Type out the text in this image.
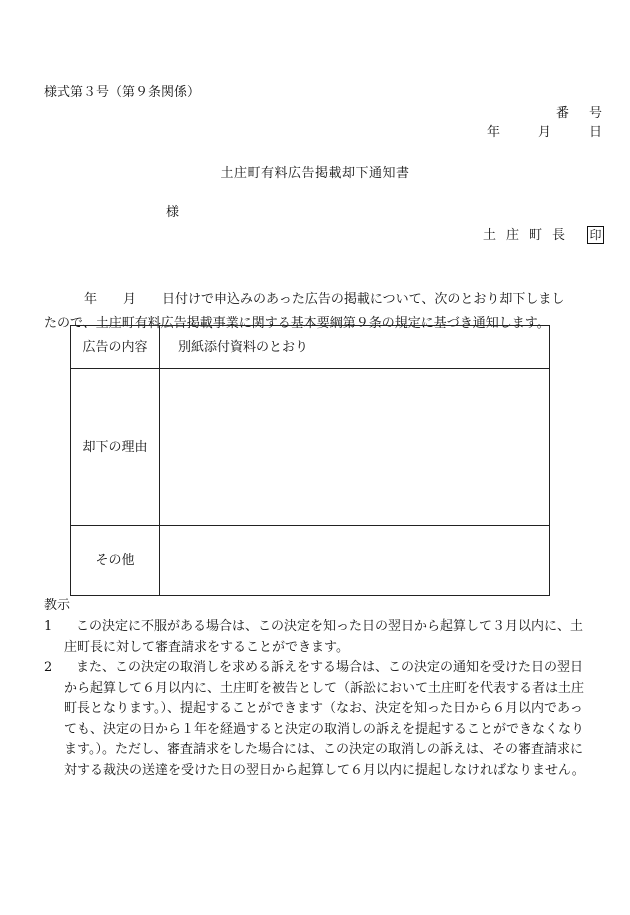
様式第３号（第９条関係）
番号
年	月	日
土庄町有料広告掲載却下通知書
様
土庄町長 印
年　　月　　日付けで申込みのあった広告の掲載について、次のとおり却下しまし
たので、土庄町有料広告掲載事業に関する基本要綱第９条の規定に基づき通知します。
広告の内容	別紙添付資料のとおり
却下の理由	
その他	
教示
1	この決定に不服がある場合は、この決定を知った日の翌日から起算して３月以内に、土
庄町長に対して審査請求をすることができます。
2	また、この決定の取消しを求める訴えをする場合は、この決定の通知を受けた日の翌日
から起算して６月以内に、土庄町を被告として（訴訟において土庄町を代表する者は土庄
町長となります。）、提起することができます（なお、決定を知った日から６月以内であっ
ても、決定の日から１年を経過すると決定の取消しの訴えを提起することができなくなり
ます。）。ただし、審査請求をした場合には、この決定の取消しの訴えは、その審査請求に
対する裁決の送達を受けた日の翌日から起算して６月以内に提起しなければなりません。
